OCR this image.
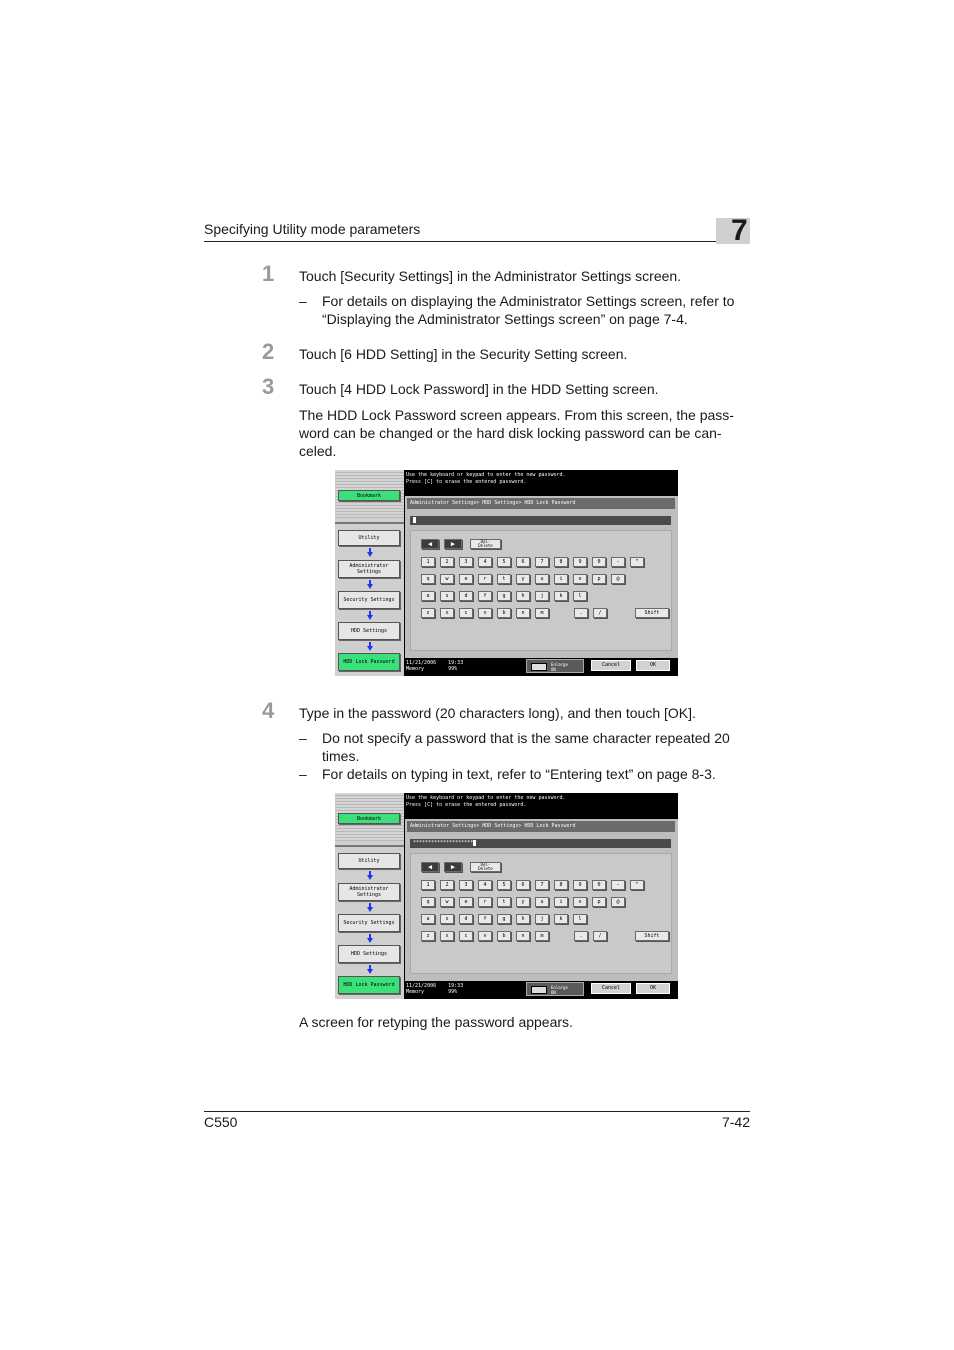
Specifying Utility mode parameters	7
1 Touch [Security Settings] in the Administrator Settings screen.
– For details on displaying the Administrator Settings screen, refer to “Displaying the Administrator Settings screen” on page 7-4.
2 Touch [6 HDD Setting] in the Security Setting screen.
3 Touch [4 HDD Lock Password] in the HDD Setting screen.
The HDD Lock Password screen appears. From this screen, the pass-word can be changed or the hard disk locking password can be can-celed.
Bookmark
Utility
Administrator Settings
Security Settings
HDD Settings
HDD Lock Password
Use the keyboard or keypad to enter the new password.
Press [C] to erase the entered password.
Administrator Settings> HDD Settings> HDD Lock Password
◀	▶	Del-
Delete
1	2	3	4	5	6	7	8	9	0	-	^
q	w	e	r	t	y	u	i	o	p	@
a	s	d	f	g	h	j	k	l
z	x	c	v	b	n	m	.	/	Shift
11/21/2006 19:33
Memory	99%
Enlarge
ON
Cancel	OK
4 Type in the password (20 characters long), and then touch [OK].
– Do not specify a password that is the same character repeated 20 times.
– For details on typing in text, refer to “Entering text” on page 8-3.
Bookmark
Utility
Administrator Settings
Security Settings
HDD Settings
HDD Lock Password
Use the keyboard or keypad to enter the new password.
Press [C] to erase the entered password.
Administrator Settings> HDD Settings> HDD Lock Password
********************
◀	▶	Del-
Delete
1	2	3	4	5	6	7	8	9	0	-	^
q	w	e	r	t	y	u	i	o	p	@
a	s	d	f	g	h	j	k	l
z	x	c	v	b	n	m	.	/	Shift
11/21/2006 19:33
Memory	99%
Enlarge
ON
Cancel	OK
A screen for retyping the password appears.
C550	7-42
